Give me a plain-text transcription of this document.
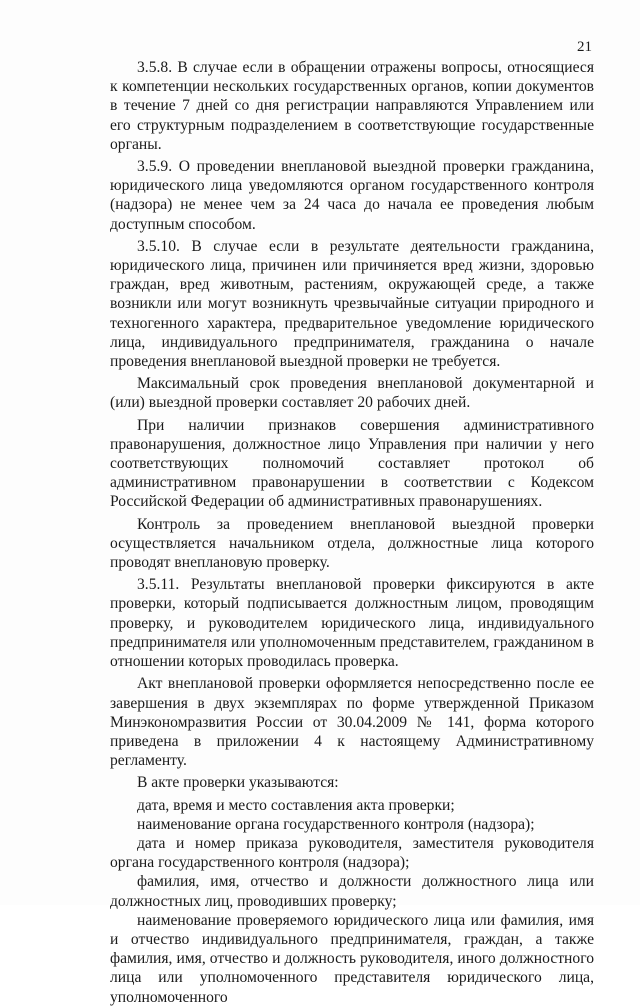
21

3.5.8. В случае если в обращении отражены вопросы, относящиеся к компетенции нескольких государственных органов, копии документов в течение 7 дней со дня регистрации направляются Управлением или его структурным подразделением в соответствующие государственные органы.

3.5.9. О проведении внеплановой выездной проверки гражданина, юридического лица уведомляются органом государственного контроля (надзора) не менее чем за 24 часа до начала ее проведения любым доступным способом.

3.5.10. В случае если в результате деятельности гражданина, юридического лица, причинен или причиняется вред жизни, здоровью граждан, вред животным, растениям, окружающей среде, а также возникли или могут возникнуть чрезвычайные ситуации природного и техногенного характера, предварительное уведомление юридического лица, индивидуального предпринимателя, гражданина о начале проведения внеплановой выездной проверки не требуется.

Максимальный срок проведения внеплановой документарной и (или) выездной проверки составляет 20 рабочих дней.

При наличии признаков совершения административного правонарушения, должностное лицо Управления при наличии у него соответствующих полномочий составляет протокол об административном правонарушении в соответствии с Кодексом Российской Федерации об административных правонарушениях.

Контроль за проведением внеплановой выездной проверки осуществляется начальником отдела, должностные лица которого проводят внеплановую проверку.

3.5.11. Результаты внеплановой проверки фиксируются в акте проверки, который подписывается должностным лицом, проводящим проверку, и руководителем юридического лица, индивидуального предпринимателя или уполномоченным представителем, гражданином в отношении которых проводилась проверка.

Акт внеплановой проверки оформляется непосредственно после ее завершения в двух экземплярах по форме утвержденной Приказом Минэкономразвития России от 30.04.2009 № 141, форма которого приведена в приложении 4 к настоящему Административному регламенту.

В акте проверки указываются:

дата, время и место составления акта проверки;

наименование органа государственного контроля (надзора);

дата и номер приказа руководителя, заместителя руководителя органа государственного контроля (надзора);

фамилия, имя, отчество и должности должностного лица или должностных лиц, проводивших проверку;

наименование проверяемого юридического лица или фамилия, имя и отчество индивидуального предпринимателя, граждан, а также фамилия, имя, отчество и должность руководителя, иного должностного лица или уполномоченного представителя юридического лица, уполномоченного
